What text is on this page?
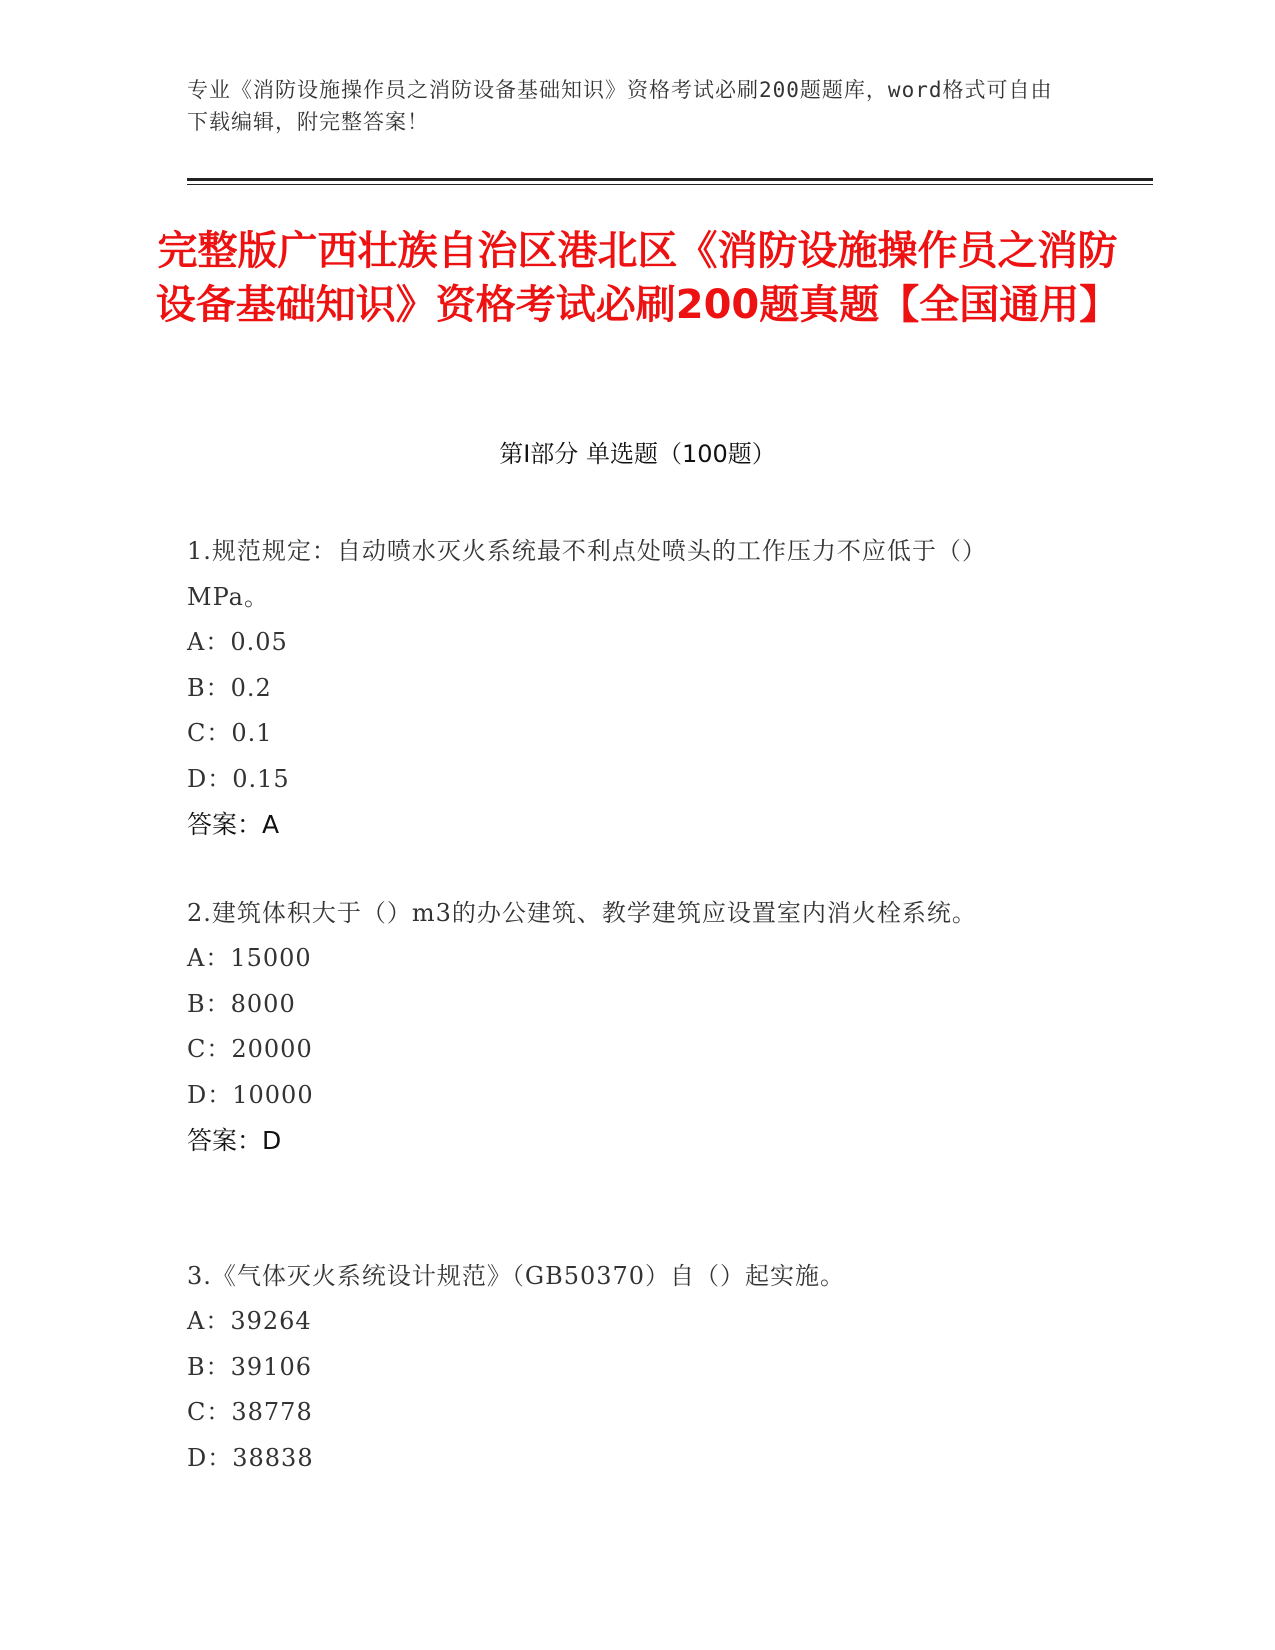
专业《消防设施操作员之消防设备基础知识》资格考试必刷200题题库，word格式可自由下载编辑，附完整答案！
完整版广西壮族自治区港北区《消防设施操作员之消防设备基础知识》资格考试必刷200题真题【全国通用】
第Ⅰ部分 单选题（100题）

1.规范规定：自动喷水灭火系统最不利点处喷头的工作压力不应低于（）MPa。

A：0.05

B：0.2

C：0.1

D：0.15

答案：A

2.建筑体积大于（）m3的办公建筑、教学建筑应设置室内消火栓系统。

A：15000

B：8000

C：20000

D：10000

答案：D

3.《气体灭火系统设计规范》（GB50370）自（）起实施。

A：39264

B：39106

C：38778

D：38838
